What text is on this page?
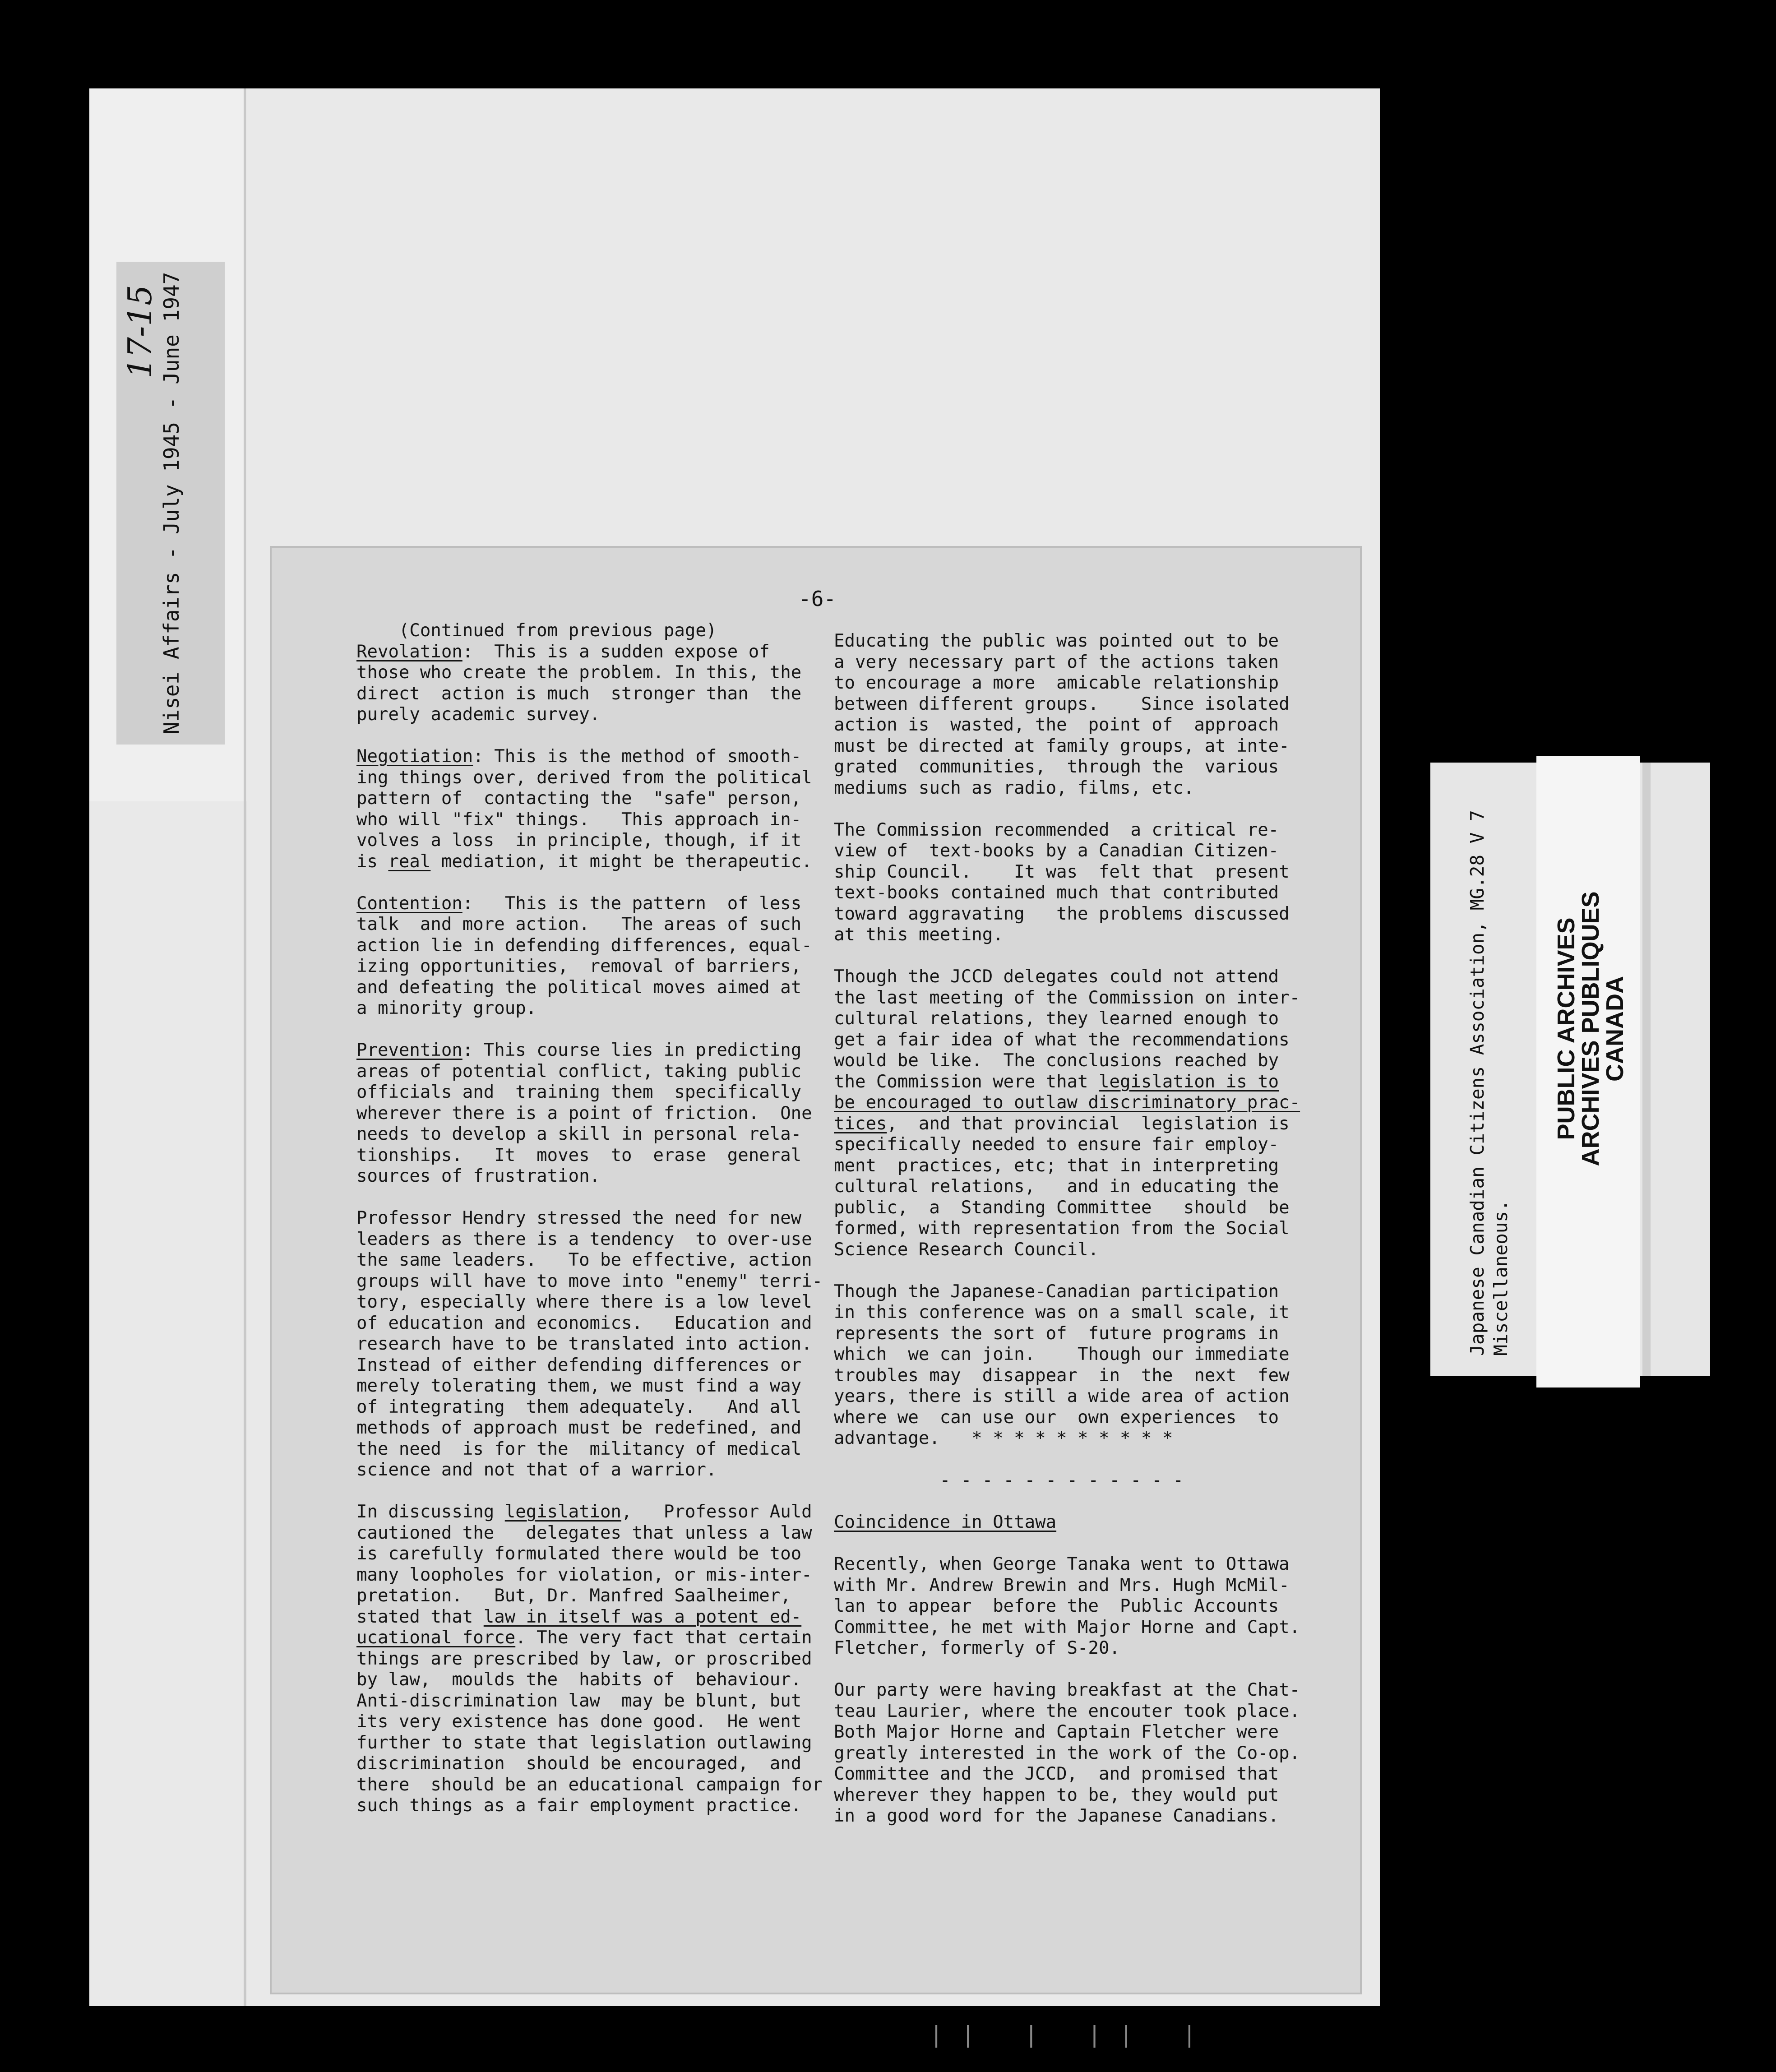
Nisei Affairs - July 1945 - June 1947
17-15
-6-
(Continued from previous page)
Revolation:  This is a sudden expose of
those who create the problem. In this, the
direct  action is much  stronger than  the
purely academic survey.

Negotiation: This is the method of smooth-
ing things over, derived from the political
pattern of  contacting the  "safe" person,
who will "fix" things.   This approach in-
volves a loss  in principle, though, if it
is real mediation, it might be therapeutic.

Contention:   This is the pattern  of less
talk  and more action.   The areas of such
action lie in defending differences, equal-
izing opportunities,  removal of barriers,
and defeating the political moves aimed at
a minority group.

Prevention: This course lies in predicting
areas of potential conflict, taking public
officials and  training them  specifically
wherever there is a point of friction.  One
needs to develop a skill in personal rela-
tionships.   It  moves  to  erase  general
sources of frustration.

Professor Hendry stressed the need for new
leaders as there is a tendency  to over-use
the same leaders.   To be effective, action
groups will have to move into "enemy" terri-
tory, especially where there is a low level
of education and economics.   Education and
research have to be translated into action.
Instead of either defending differences or
merely tolerating them, we must find a way
of integrating  them adequately.   And all
methods of approach must be redefined, and
the need  is for the  militancy of medical
science and not that of a warrior.

In discussing legislation,   Professor Auld
cautioned the   delegates that unless a law
is carefully formulated there would be too
many loopholes for violation, or mis-inter-
pretation.   But, Dr. Manfred Saalheimer,
stated that law in itself was a potent ed-
ucational force. The very fact that certain
things are prescribed by law, or proscribed
by law,  moulds the  habits of  behaviour.
Anti-discrimination law  may be blunt, but
its very existence has done good.  He went
further to state that legislation outlawing
discrimination  should be encouraged,  and
there  should be an educational campaign for
such things as a fair employment practice.
Educating the public was pointed out to be
a very necessary part of the actions taken
to encourage a more  amicable relationship
between different groups.    Since isolated
action is  wasted, the  point of  approach
must be directed at family groups, at inte-
grated  communities,  through the  various
mediums such as radio, films, etc.

The Commission recommended  a critical re-
view of  text-books by a Canadian Citizen-
ship Council.    It was  felt that  present
text-books contained much that contributed
toward aggravating   the problems discussed
at this meeting.

Though the JCCD delegates could not attend
the last meeting of the Commission on inter-
cultural relations, they learned enough to
get a fair idea of what the recommendations
would be like.  The conclusions reached by
the Commission were that legislation is to
be encouraged to outlaw discriminatory prac-
tices,  and that provincial  legislation is
specifically needed to ensure fair employ-
ment  practices, etc; that in interpreting
cultural relations,   and in educating the
public,  a  Standing Committee   should  be
formed, with representation from the Social
Science Research Council.

Though the Japanese-Canadian participation
in this conference was on a small scale, it
represents the sort of  future programs in
which  we can join.    Though our immediate
troubles may  disappear  in  the  next  few
years, there is still a wide area of action
where we  can use our  own experiences  to
advantage.   * * * * * * * * * *

- - - - - - - - - - - -

Coincidence in Ottawa

Recently, when George Tanaka went to Ottawa
with Mr. Andrew Brewin and Mrs. Hugh McMil-
lan to appear  before the  Public Accounts
Committee, he met with Major Horne and Capt.
Fletcher, formerly of S-20.

Our party were having breakfast at the Chat-
teau Laurier, where the encouter took place.
Both Major Horne and Captain Fletcher were
greatly interested in the work of the Co-op.
Committee and the JCCD,  and promised that
wherever they happen to be, they would put
in a good word for the Japanese Canadians.
Japanese Canadian Citizens Association, MG.28 V 7 Miscellaneous.
PUBLIC ARCHIVES
ARCHIVES PUBLIQUES
CANADA
|| | || |
